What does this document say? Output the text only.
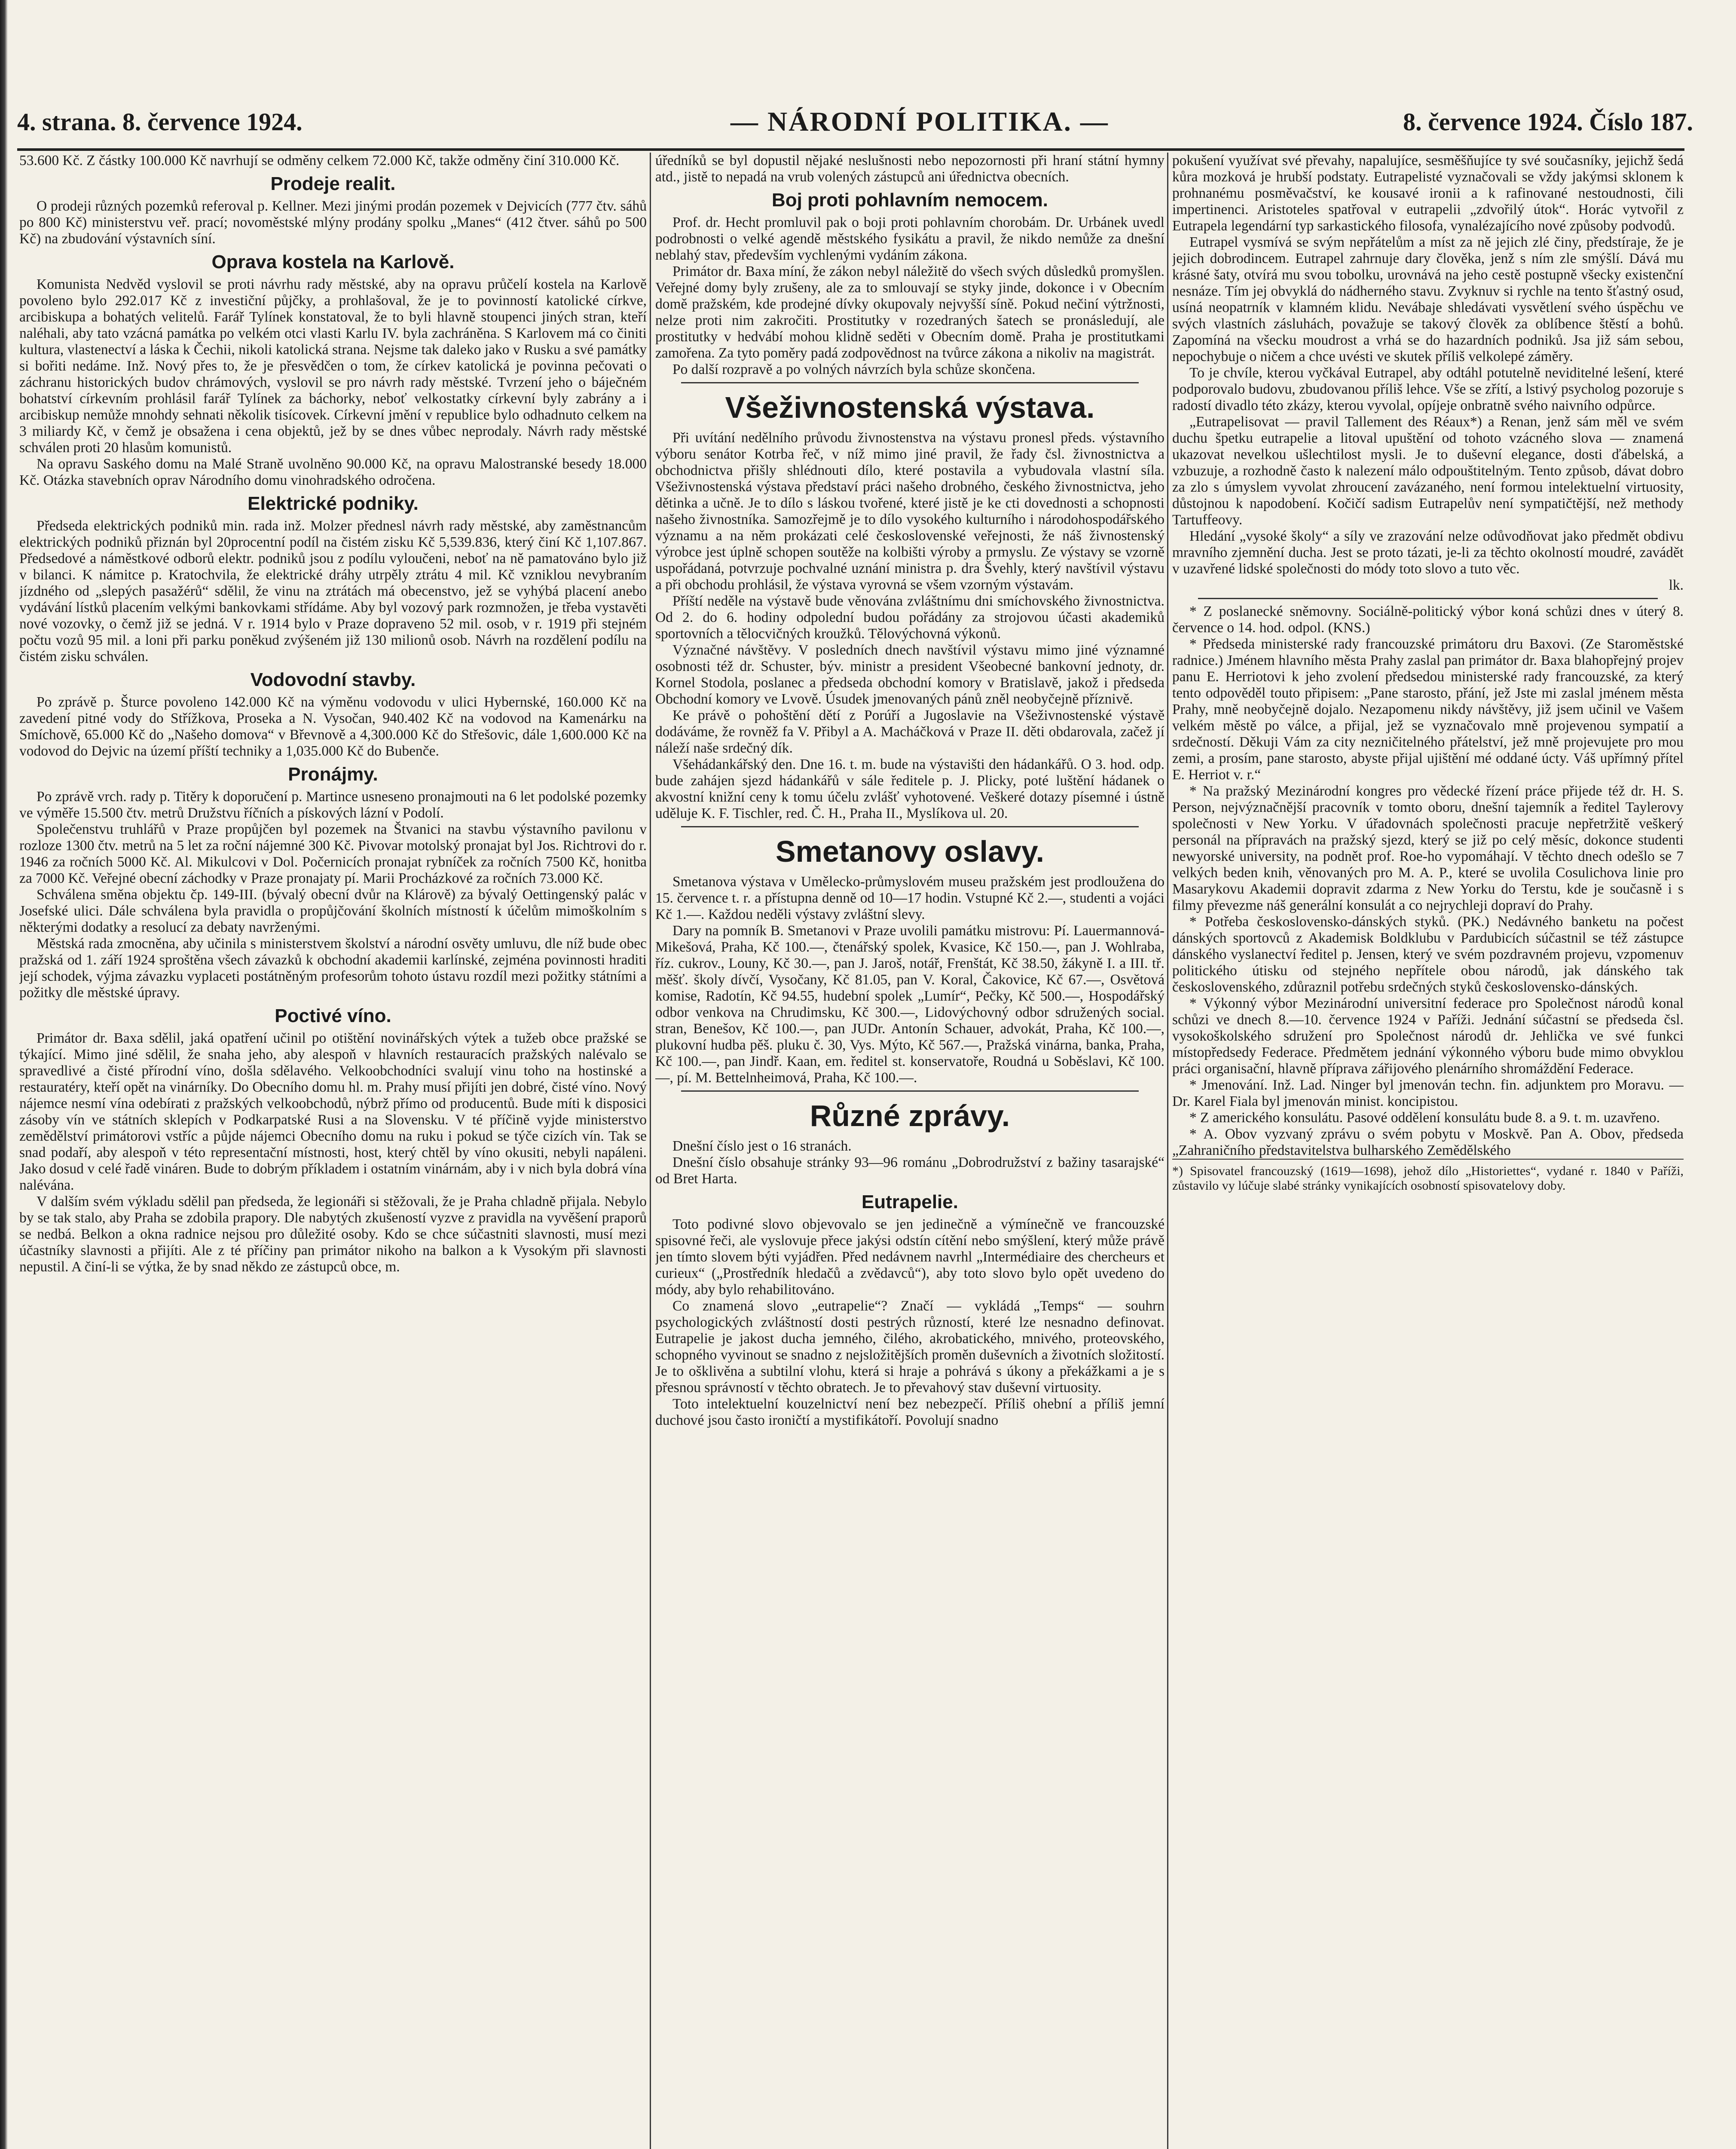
4. strana. 8. července 1924.	— NÁRODNÍ POLITIKA. —	8. července 1924. Číslo 187.

53.600 Kč. Z částky 100.000 Kč navrhují se odměny celkem 72.000 Kč, takže odměny činí 310.000 Kč.

Prodeje realit.

O prodeji různých pozemků referoval p. Kellner. Mezi jinými prodán pozemek v Dejvicích (777 čtv. sáhů po 800 Kč) ministerstvu veř. prací; novoměstské mlýny prodány spolku „Manes“ (412 čtver. sáhů po 500 Kč) na zbudování výstavních síní.

Oprava kostela na Karlově.

Komunista Nedvěd vyslovil se proti návrhu rady městské, aby na opravu průčelí kostela na Karlově povoleno bylo 292.017 Kč z investiční půjčky, a prohlašoval, že je to povinností katolické církve, arcibiskupa a bohatých velitelů. Farář Tylínek konstatoval, že to byli hlavně stoupenci jiných stran, kteří naléhali, aby tato vzácná památka po velkém otci vlasti Karlu IV. byla zachráněna. S Karlovem má co činiti kultura, vlastenectví a láska k Čechii, nikoli katolická strana. Nejsme tak daleko jako v Rusku a své památky si bořiti nedáme. Inž. Nový přes to, že je přesvědčen o tom, že církev katolická je povinna pečovati o záchranu historických budov chrámových, vyslovil se pro návrh rady městské. Tvrzení jeho o báječném bohatství církevním prohlásil farář Tylínek za báchorky, neboť velkostatky církevní byly zabrány a i arcibiskup nemůže mnohdy sehnati několik tisícovek. Církevní jmění v republice bylo odhadnuto celkem na 3 miliardy Kč, v čemž je obsažena i cena objektů, jež by se dnes vůbec neprodaly. Návrh rady městské schválen proti 20 hlasům komunistů.

Na opravu Saského domu na Malé Straně uvolněno 90.000 Kč, na opravu Malostranské besedy 18.000 Kč. Otázka stavebních oprav Národního domu vinohradského odročena.

Elektrické podniky.

Předseda elektrických podniků min. rada inž. Molzer přednesl návrh rady městské, aby zaměstnancům elektrických podniků přiznán byl 20procentní podíl na čistém zisku Kč 5,539.836, který činí Kč 1,107.867. Předsedové a náměstkové odborů elektr. podniků jsou z podílu vyloučeni, neboť na ně pamatováno bylo již v bilanci. K námitce p. Kratochvila, že elektrické dráhy utrpěly ztrátu 4 mil. Kč vzniklou nevybraním jízdného od „slepých pasažérů“ sdělil, že vinu na ztrátách má obecenstvo, jež se vyhýbá placení anebo vydávání lístků placením velkými bankovkami střídáme. Aby byl vozový park rozmnožen, je třeba vystavěti nové vozovky, o čemž již se jedná. V r. 1914 bylo v Praze dopraveno 52 mil. osob, v r. 1919 při stejném počtu vozů 95 mil. a loni při parku poněkud zvýšeném již 130 milionů osob. Návrh na rozdělení podílu na čistém zisku schválen.

Vodovodní stavby.

Po zprávě p. Šturce povoleno 142.000 Kč na výměnu vodovodu v ulici Hybernské, 160.000 Kč na zavedení pitné vody do Střížkova, Proseka a N. Vysočan, 940.402 Kč na vodovod na Kamenárku na Smíchově, 65.000 Kč do „Našeho domova“ v Břevnově a 4,300.000 Kč do Střešovic, dále 1,600.000 Kč na vodovod do Dejvic na území příští techniky a 1,035.000 Kč do Bubenče.

Pronájmy.

Po zprávě vrch. rady p. Titěry k doporučení p. Martince usneseno pronajmouti na 6 let podolské pozemky ve výměře 15.500 čtv. metrů Družstvu říčních a pískových lázní v Podolí.

Společenstvu truhlářů v Praze propůjčen byl pozemek na Štvanici na stavbu výstavního pavilonu v rozloze 1300 čtv. metrů na 5 let za roční nájemné 300 Kč. Pivovar motolský pronajat byl Jos. Richtrovi do r. 1946 za ročních 5000 Kč. Al. Mikulcovi v Dol. Počernicích pronajat rybníček za ročních 7500 Kč, honitba za 7000 Kč. Veřejné obecní záchodky v Praze pronajaty pí. Marii Procházkové za ročních 73.000 Kč.

Schválena směna objektu čp. 149-III. (bývalý obecní dvůr na Klárově) za bývalý Oettingenský palác v Josefské ulici. Dále schválena byla pravidla o propůjčování školních místností k účelům mimoškolním s některými dodatky a resolucí za debaty navrženými.

Městská rada zmocněna, aby učinila s ministerstvem školství a národní osvěty umluvu, dle níž bude obec pražská od 1. září 1924 sproštěna všech závazků k obchodní akademii karlínské, zejména povinnosti hraditi její schodek, výjma závazku vyplaceti postátněným profesorům tohoto ústavu rozdíl mezi požitky státními a požitky dle městské úpravy.

Poctivé víno.

Primátor dr. Baxa sdělil, jaká opatření učinil po otištění novinářských výtek a tužeb obce pražské se týkající. Mimo jiné sdělil, že snaha jeho, aby alespoň v hlavních restauracích pražských nalévalo se spravedlivé a čisté přírodní víno, došla sdělavého. Velkoobchodníci svalují vinu toho na hostinské a restauratéry, kteří opět na vinárníky. Do Obecního domu hl. m. Prahy musí přijíti jen dobré, čisté víno. Nový nájemce nesmí vína odebírati z pražských velkoobchodů, nýbrž přímo od producentů. Bude míti k disposici zásoby vín ve státních sklepích v Podkarpatské Rusi a na Slovensku. V té příčině vyjde ministerstvo zemědělství primátorovi vstříc a půjde nájemci Obecního domu na ruku i pokud se týče cizích vín. Tak se snad podaří, aby alespoň v této representační místnosti, host, který chtěl by víno okusiti, nebyli napáleni. Jako dosud v celé řadě vináren. Bude to dobrým příkladem i ostatním vinárnám, aby i v nich byla dobrá vína nalévána.

V dalším svém výkladu sdělil pan předseda, že legionáři si stěžovali, že je Praha chladně přijala. Nebylo by se tak stalo, aby Praha se zdobila prapory. Dle nabytých zkušeností vyzve z pravidla na vyvěšení praporů se nedbá. Belkon a okna radnice nejsou pro důležité osoby. Kdo se chce súčastniti slavnosti, musí mezi účastníky slavnosti a přijíti. Ale z té příčiny pan primátor nikoho na balkon a k Vysokým při slavnosti nepustil. A činí-li se výtka, že by snad někdo ze zástupců obce, m.

úředníků se byl dopustil nějaké neslušnosti nebo nepozornosti při hraní státní hymny atd., jistě to nepadá na vrub volených zástupců ani úřednictva obecních.

Boj proti pohlavním nemocem.

Prof. dr. Hecht promluvil pak o boji proti pohlavním chorobám. Dr. Urbánek uvedl podrobnosti o velké agendě městského fysikátu a pravil, že nikdo nemůže za dnešní neblahý stav, především vychlenými vydáním zákona.

Primátor dr. Baxa míní, že zákon nebyl náležitě do všech svých důsledků promyšlen. Veřejné domy byly zrušeny, ale za to smlouvají se styky jinde, dokonce i v Obecním domě pražském, kde prodejné dívky okupovaly nejvyšší síně. Pokud nečiní výtržnosti, nelze proti nim zakročiti. Prostitutky v rozedraných šatech se pronásledují, ale prostitutky v hedvábí mohou klidně seděti v Obecním domě. Praha je prostitutkami zamořena. Za tyto poměry padá zodpovědnost na tvůrce zákona a nikoliv na magistrát.

Po další rozpravě a po volných návrzích byla schůze skončena.

Všeživnostenská výstava.

Při uvítání nedělního průvodu živnostenstva na výstavu pronesl předs. výstavního výboru senátor Kotrba řeč, v níž mimo jiné pravil, že řady čsl. živnostnictva a obchodnictva přišly shlédnouti dílo, které postavila a vybudovala vlastní síla. Všeživnostenská výstava představí práci našeho drobného, českého živnostnictva, jeho dětinka a učně. Je to dílo s láskou tvořené, které jistě je ke cti dovednosti a schopnosti našeho živnostníka. Samozřejmě je to dílo vysokého kulturního i národohospodářského významu a na něm prokázati celé československé veřejnosti, že náš živnostenský výrobce jest úplně schopen soutěže na kolbišti výroby a prmyslu. Ze výstavy se vzorně uspořádaná, potvrzuje pochvalné uznání ministra p. dra Švehly, který navštívil výstavu a při obchodu prohlásil, že výstava vyrovná se všem vzorným výstavám.

Příští neděle na výstavě bude věnována zvláštnímu dni smíchovského živnostnictva. Od 2. do 6. hodiny odpolední budou pořádány za strojovou účasti akademiků sportovních a tělocvičných kroužků. Tělovýchovná výkonů.

Význačné návštěvy. V posledních dnech navštívil výstavu mimo jiné významné osobnosti též dr. Schuster, býv. ministr a president Všeobecné bankovní jednoty, dr. Kornel Stodola, poslanec a předseda obchodní komory v Bratislavě, jakož i předseda Obchodní komory ve Lvově. Úsudek jmenovaných pánů zněl neobyčejně příznivě.

Ke právě o pohoštění dětí z Porúří a Jugoslavie na Všeživnostenské výstavě dodáváme, že rovněž fa V. Přibyl a A. Macháčková v Praze II. děti obdarovala, začež jí náleží naše srdečný dík.

Všehádankářský den. Dne 16. t. m. bude na výstavišti den hádankářů. O 3. hod. odp. bude zahájen sjezd hádankářů v sále ředitele p. J. Plicky, poté luštění hádanek o akvostní knižní ceny k tomu účelu zvlášť vyhotovené. Veškeré dotazy písemné i ústně uděluje K. F. Tischler, red. Č. H., Praha II., Myslíkova ul. 20.

Smetanovy oslavy.

Smetanova výstava v Umělecko-průmyslovém museu pražském jest prodloužena do 15. července t. r. a přístupna denně od 10—17 hodin. Vstupné Kč 2.—, studenti a vojáci Kč 1.—. Každou neděli výstavy zvláštní slevy.

Dary na pomník B. Smetanovi v Praze uvolili památku mistrovu: Pí. Lauermannová-Mikešová, Praha, Kč 100.—, čtenářský spolek, Kvasice, Kč 150.—, pan J. Wohlraba, říz. cukrov., Louny, Kč 30.—, pan J. Jaroš, notář, Frenštát, Kč 38.50, žákyně I. a III. tř. měšť. školy dívčí, Vysočany, Kč 81.05, pan V. Koral, Čakovice, Kč 67.—, Osvětová komise, Radotín, Kč 94.55, hudební spolek „Lumír“, Pečky, Kč 500.—, Hospodářský odbor venkova na Chrudimsku, Kč 300.—, Lidovýchovný odbor sdružených social. stran, Benešov, Kč 100.—, pan JUDr. Antonín Schauer, advokát, Praha, Kč 100.—, plukovní hudba pěš. pluku č. 30, Vys. Mýto, Kč 567.—, Pražská vinárna, banka, Praha, Kč 100.—, pan Jindř. Kaan, em. ředitel st. konservatoře, Roudná u Soběslavi, Kč 100.—, pí. M. Bettelnheimová, Praha, Kč 100.—.

Různé zprávy.

Dnešní číslo jest o 16 stranách.

Dnešní číslo obsahuje stránky 93—96 románu „Dobrodružství z bažiny tasarajské“ od Bret Harta.

Eutrapelie.

Toto podivné slovo objevovalo se jen jedinečně a výmínečně ve francouzské spisovné řeči, ale vyslovuje přece jakýsi odstín cítění nebo smýšlení, který může právě jen tímto slovem býti vyjádřen. Před nedávnem navrhl „Intermédiaire des chercheurs et curieux“ („Prostředník hledačů a zvědavců“), aby toto slovo bylo opět uvedeno do módy, aby bylo rehabilitováno.

Co znamená slovo „eutrapelie“? Značí — vykládá „Temps“ — souhrn psychologických zvláštností dosti pestrých růzností, které lze nesnadno definovat. Eutrapelie je jakost ducha jemného, čilého, akrobatického, mnivého, proteovského, schopného vyvinout se snadno z nejsložitějších proměn duševních a životních složitostí. Je to ošklivěna a subtilní vlohu, která si hraje a pohrává s úkony a překážkami a je s přesnou správností v těchto obratech. Je to převahový stav duševní virtuosity.

Toto intelektuelní kouzelnictví není bez nebezpečí. Příliš ohební a příliš jemní duchové jsou často ironičtí a mystifikátoří. Povolují snadno

pokušení využívat své převahy, napalujíce, sesměšňujíce ty své současníky, jejichž šedá kůra mozková je hrubší podstaty. Eutrapelisté vyznačovali se vždy jakýmsi sklonem k prohnanému posměvačství, ke kousavé ironii a k rafinované nestoudnosti, čili impertinenci. Aristoteles spatřoval v eutrapelii „zdvořilý útok“. Horác vytvořil z Eutrapela legendární typ sarkastického filosofa, vynalézajícího nové způsoby podvodů.

Eutrapel vysmívá se svým nepřátelům a míst za ně jejich zlé činy, předstíraje, že je jejich dobrodincem. Eutrapel zahrnuje dary člověka, jenž s ním zle smýšlí. Dává mu krásné šaty, otvírá mu svou tobolku, urovnává na jeho cestě postupně všecky existenční nesnáze. Tím jej obvyklá do nádherného stavu. Zvyknuv si rychle na tento šťastný osud, usíná neopatrník v klamném klidu. Nevábaje shledávati vysvětlení svého úspěchu ve svých vlastních zásluhách, považuje se takový člověk za oblíbence štěstí a bohů. Zapomíná na všecku moudrost a vrhá se do hazardních podniků. Jsa již sám sebou, nepochybuje o ničem a chce uvésti ve skutek příliš velkolepé záměry.

To je chvíle, kterou vyčkával Eutrapel, aby odtáhl potutelně neviditelné lešení, které podporovalo budovu, zbudovanou příliš lehce. Vše se zřítí, a lstivý psycholog pozoruje s radostí divadlo této zkázy, kterou vyvolal, opíjeje onbratně svého naivního odpůrce.

„Eutrapelisovat — pravil Tallement des Réaux*) a Renan, jenž sám měl ve svém duchu špetku eutrapelie a litoval upuštění od tohoto vzácného slova — znamená ukazovat nevelkou ušlechtilost mysli. Je to duševní elegance, dosti ďábelská, a vzbuzuje, a rozhodně často k nalezení málo odpouštitelným. Tento způsob, dávat dobro za zlo s úmyslem vyvolat zhroucení zavázaného, není formou intelektuelní virtuosity, důstojnou k napodobení. Kočičí sadism Eutrapelův není sympatičtější, než methody Tartuffeovy.

Hledání „vysoké školy“ a síly ve zrazování nelze odůvodňovat jako předmět obdivu mravního zjemnění ducha. Jest se proto tázati, je-li za těchto okolností moudré, zavádět v uzavřené lidské společnosti do módy toto slovo a tuto věc.

lk.

* Z poslanecké sněmovny. Sociálně-politický výbor koná schůzi dnes v úterý 8. července o 14. hod. odpol. (KNS.)

* Předseda ministerské rady francouzské primátoru dru Baxovi. (Ze Staroměstské radnice.) Jménem hlavního města Prahy zaslal pan primátor dr. Baxa blahopřejný projev panu E. Herriotovi k jeho zvolení předsedou ministerské rady francouzské, za který tento odpověděl touto připisem: „Pane starosto, přání, jež Jste mi zaslal jménem města Prahy, mně neobyčejně dojalo. Nezapomenu nikdy návštěvy, již jsem učinil ve Vašem velkém městě po válce, a přijal, jež se vyznačovalo mně projevenou sympatií a srdečností. Děkuji Vám za city nezničitelného přátelství, jež mně projevujete pro mou zemi, a prosím, pane starosto, abyste přijal ujištění mé oddané úcty. Váš upřímný přítel E. Herriot v. r.“

* Na pražský Mezinárodní kongres pro vědecké řízení práce přijede též dr. H. S. Person, nejvýznačnější pracovník v tomto oboru, dnešní tajemník a ředitel Taylerovy společnosti v New Yorku. V úřadovnách společnosti pracuje nepřetržitě veškerý personál na přípravách na pražský sjezd, který se již po celý měsíc, dokonce studenti newyorské university, na podnět prof. Roe-ho vypomáhají. V těchto dnech odešlo se 7 velkých beden knih, věnovaných pro M. A. P., které se uvolila Cosulichova linie pro Masarykovu Akademii dopravit zdarma z New Yorku do Terstu, kde je současně i s filmy převezme náš generální konsulát a co nejrychleji dopraví do Prahy.

* Potřeba československo-dánských styků. (PK.) Nedávného banketu na počest dánských sportovců z Akademisk Boldklubu v Pardubicích súčastnil se též zástupce dánského vyslanectví ředitel p. Jensen, který ve svém pozdravném projevu, vzpomenuv politického útisku od stejného nepřítele obou národů, jak dánského tak československého, zdůraznil potřebu srdečných styků československo-dánských.

* Výkonný výbor Mezinárodní universitní federace pro Společnost národů konal schůzi ve dnech 8.—10. července 1924 v Paříži. Jednání súčastní se předseda čsl. vysokoškolského sdružení pro Společnost národů dr. Jehlička ve své funkci místopředsedy Federace. Předmětem jednání výkonného výboru bude mimo obvyklou práci organisační, hlavně příprava zářijového plenárního shromáždění Federace.

* Jmenování. Inž. Lad. Ninger byl jmenován techn. fin. adjunktem pro Moravu. — Dr. Karel Fiala byl jmenován minist. koncipistou.

* Z amerického konsulátu. Pasové oddělení konsulátu bude 8. a 9. t. m. uzavřeno.

* A. Obov vyzvaný zprávu o svém pobytu v Moskvě. Pan A. Obov, předseda „Zahraničního představitelstva bulharského Zemědělského

*) Spisovatel francouzský (1619—1698), jehož dílo „Historiettes“, vydané r. 1840 v Paříži, zůstavilo vy lúčuje slabé stránky vynikajících osobností spisovatelovy doby.
